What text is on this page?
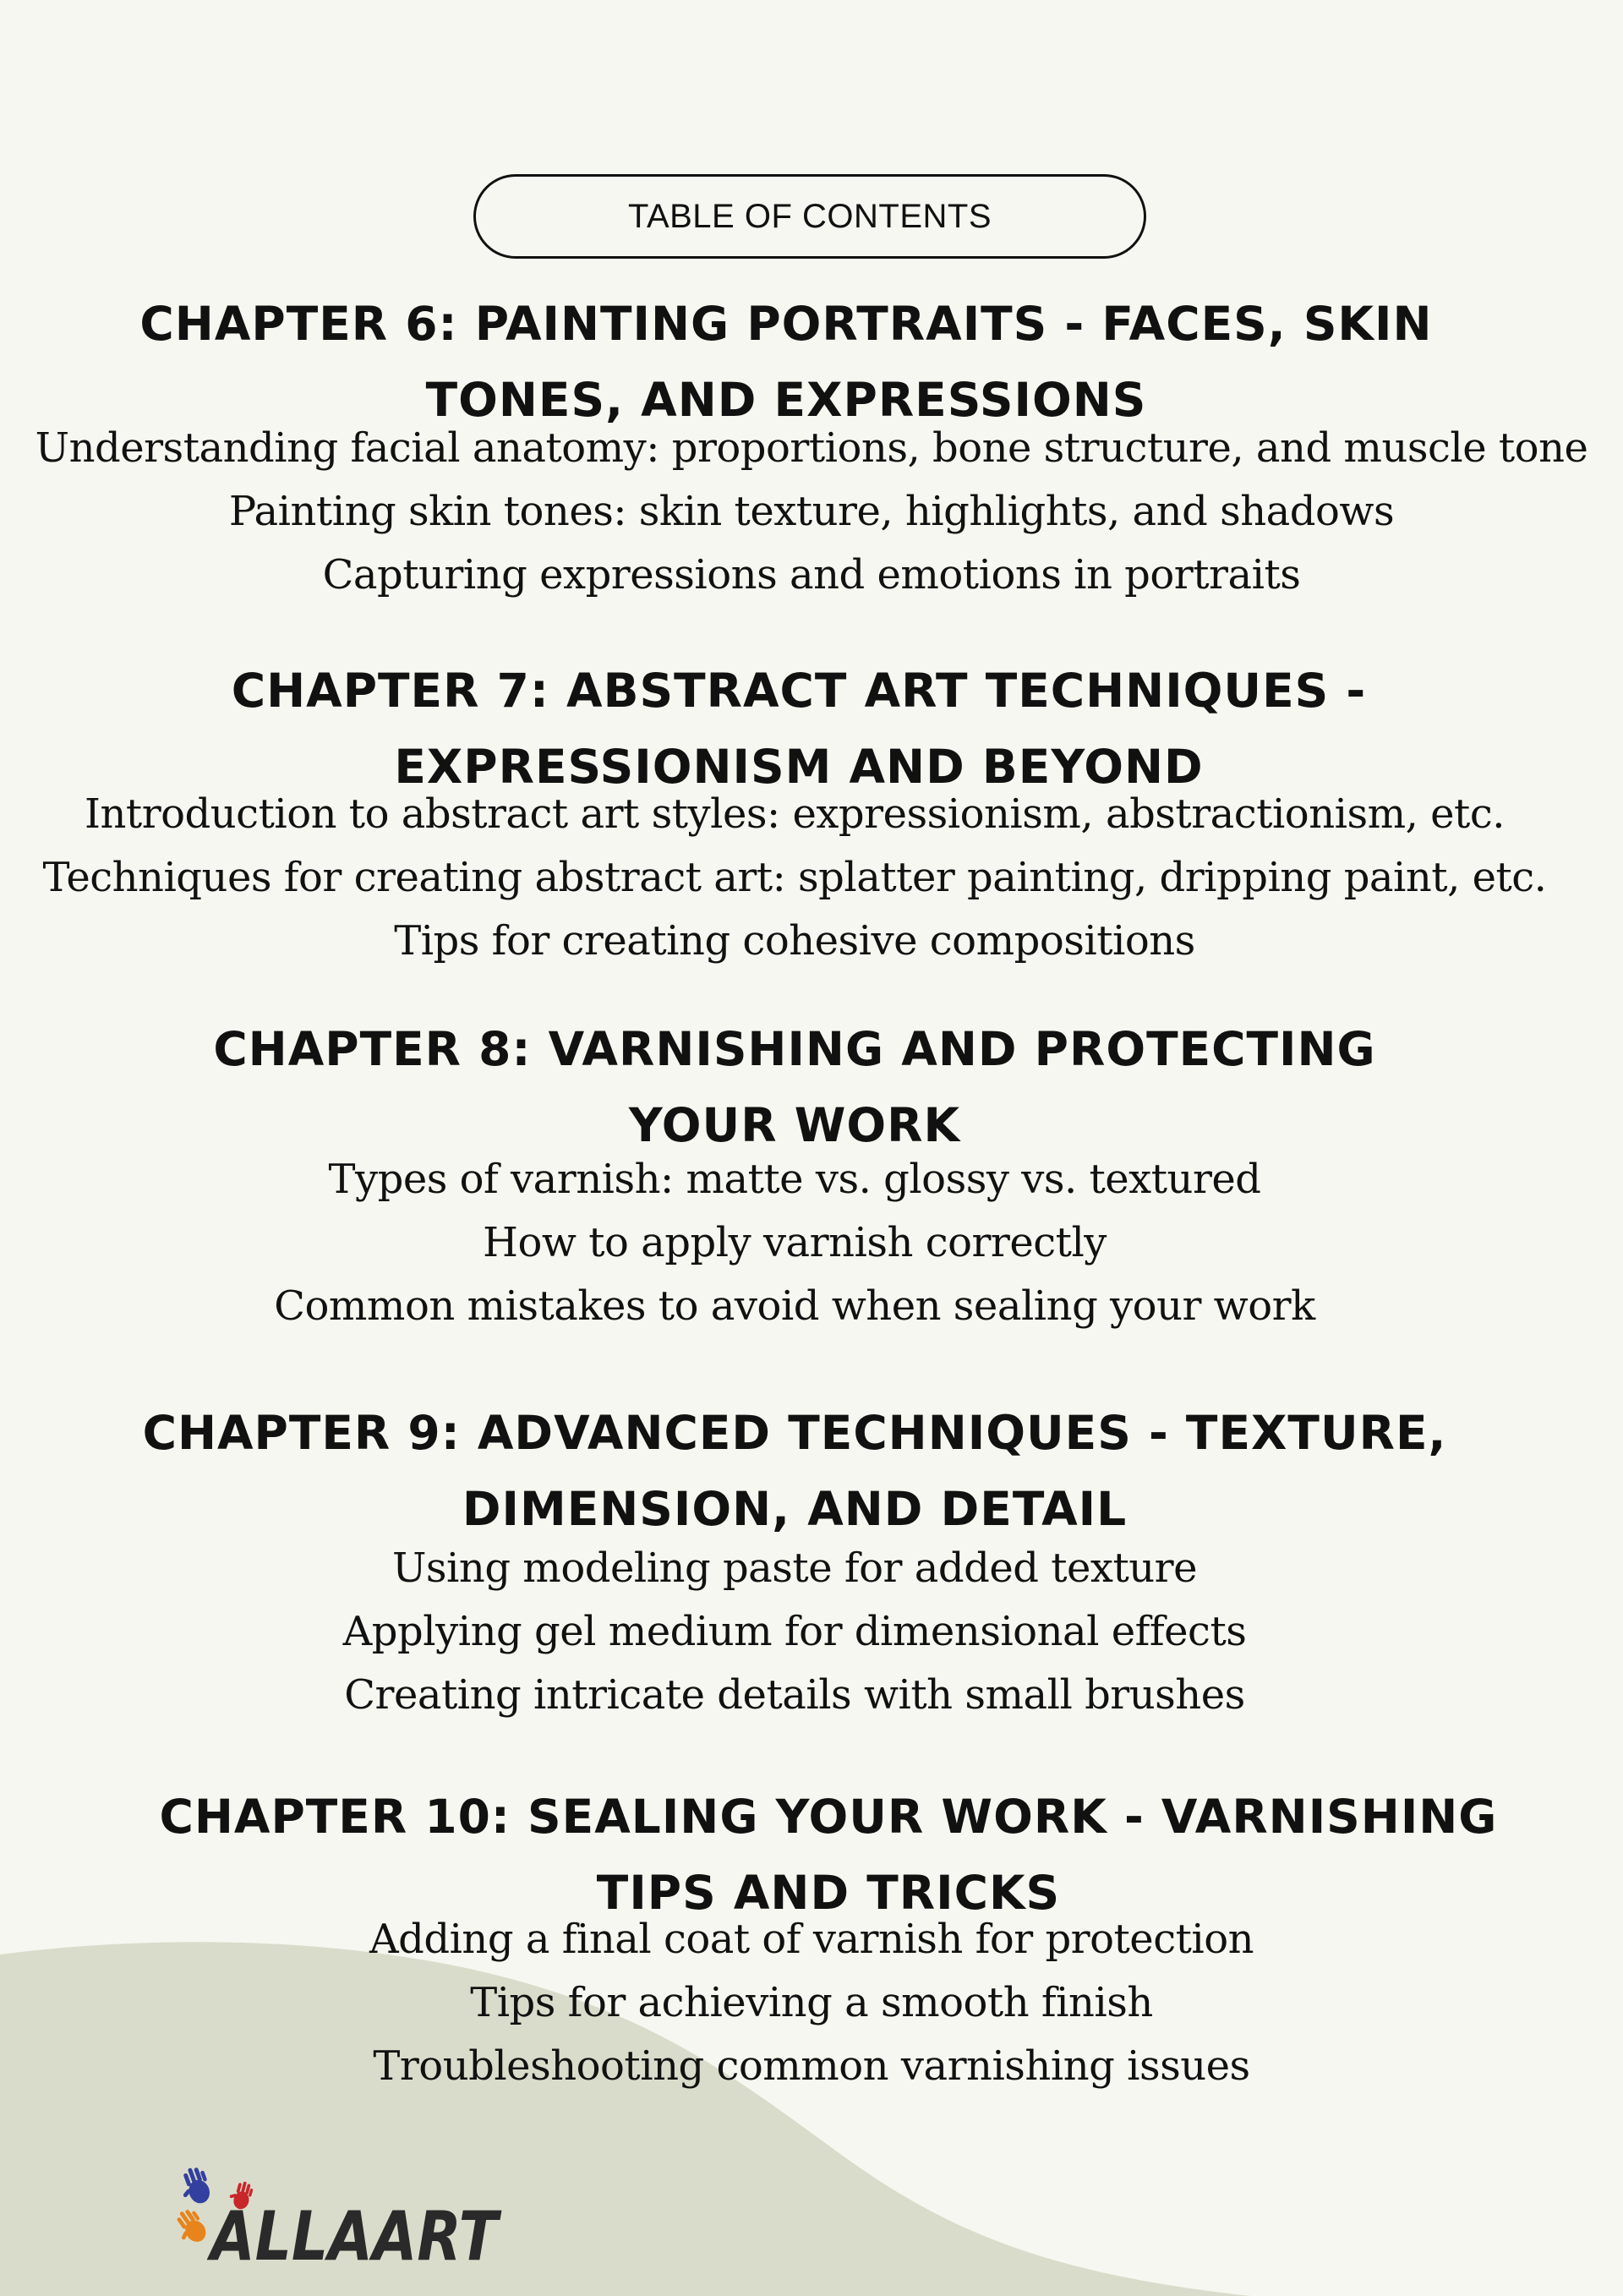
TABLE OF CONTENTS
CHAPTER 6: PAINTING PORTRAITS - FACES, SKIN TONES, AND EXPRESSIONS
Understanding facial anatomy: proportions, bone structure, and muscle tone
Painting skin tones: skin texture, highlights, and shadows
Capturing expressions and emotions in portraits
CHAPTER 7: ABSTRACT ART TECHNIQUES - EXPRESSIONISM AND BEYOND
Introduction to abstract art styles: expressionism, abstractionism, etc.
Techniques for creating abstract art: splatter painting, dripping paint, etc.
Tips for creating cohesive compositions
CHAPTER 8: VARNISHING AND PROTECTING YOUR WORK
Types of varnish: matte vs. glossy vs. textured
How to apply varnish correctly
Common mistakes to avoid when sealing your work
CHAPTER 9: ADVANCED TECHNIQUES - TEXTURE, DIMENSION, AND DETAIL
Using modeling paste for added texture
Applying gel medium for dimensional effects
Creating intricate details with small brushes
CHAPTER 10: SEALING YOUR WORK - VARNISHING TIPS AND TRICKS
Adding a final coat of varnish for protection
Tips for achieving a smooth finish
Troubleshooting common varnishing issues
ALLAART
